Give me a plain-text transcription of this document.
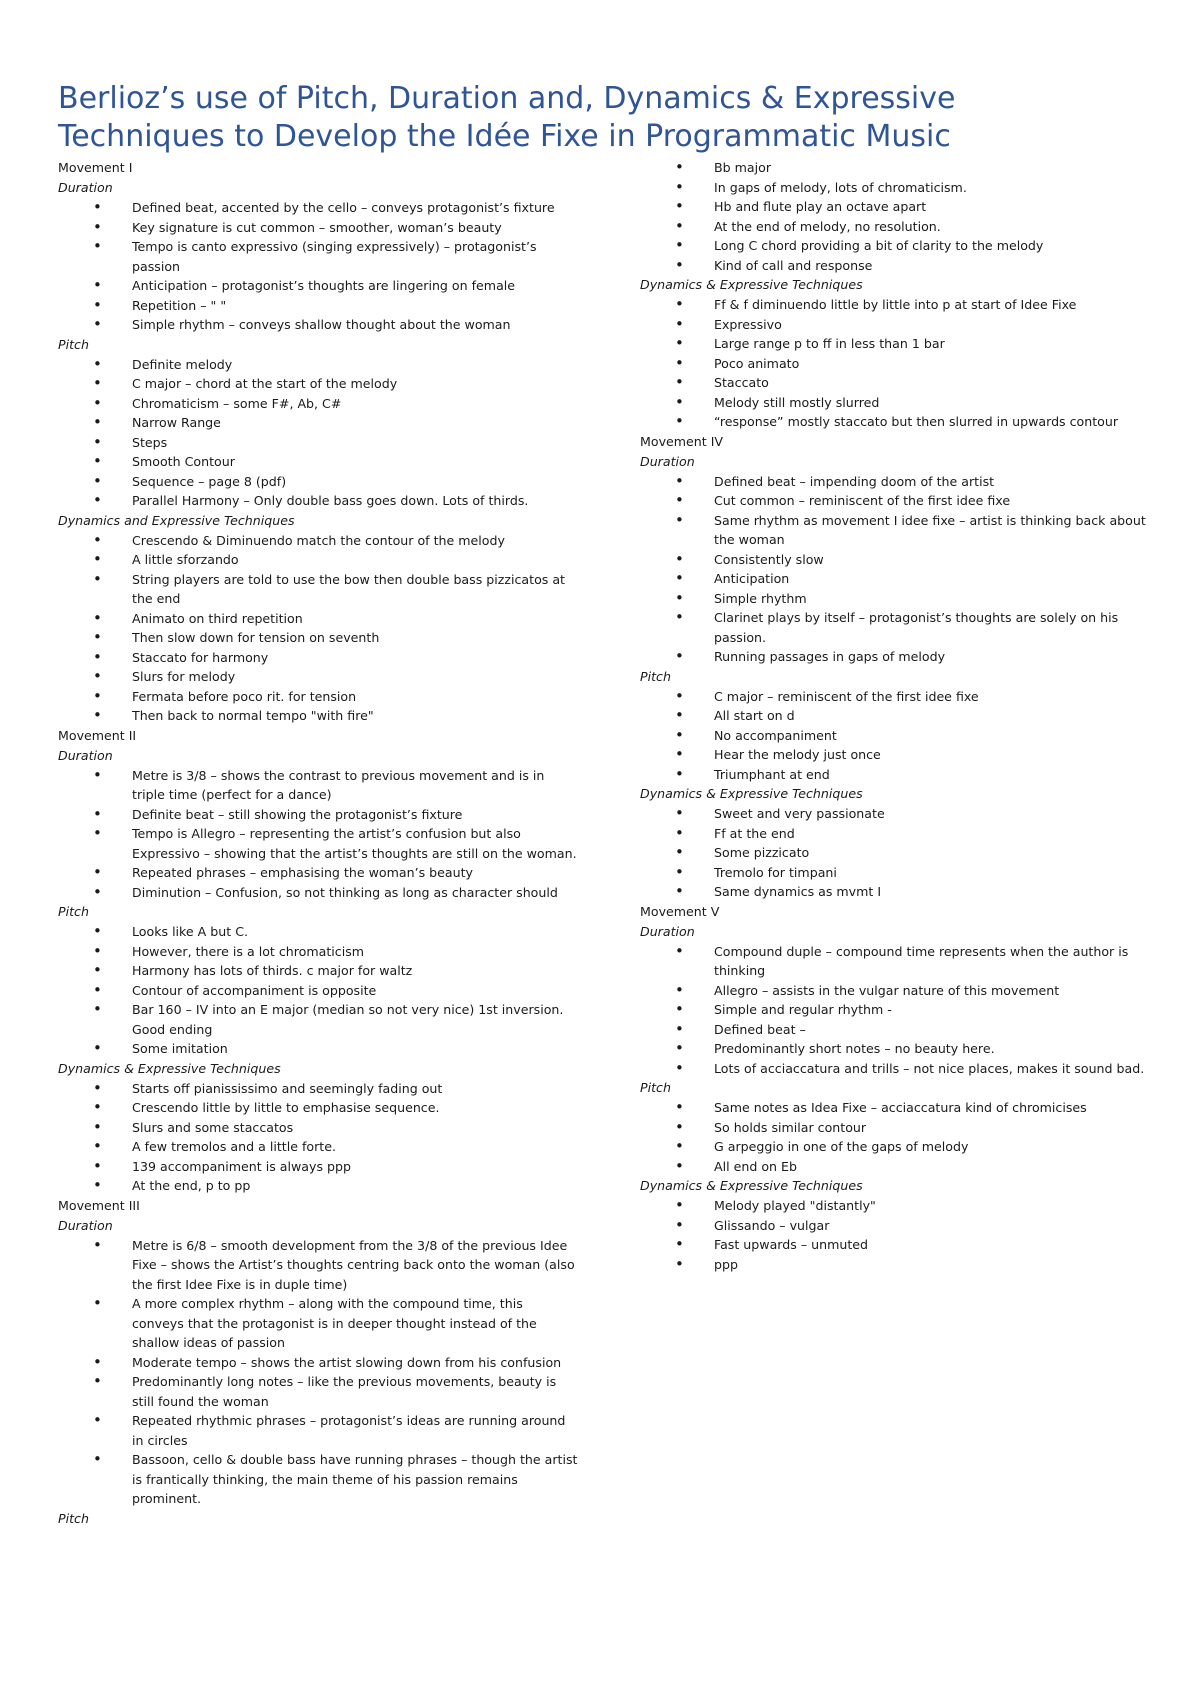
Berlioz’s use of Pitch, Duration and, Dynamics & Expressive
Techniques to Develop the Idée Fixe in Programmatic Music

Movement I

Duration

• Defined beat, accented by the cello – conveys protagonist’s fixture
• Key signature is cut common – smoother, woman’s beauty
• Tempo is canto expressivo (singing expressively) – protagonist’s passion
• Anticipation – protagonist’s thoughts are lingering on female
• Repetition – " "
• Simple rhythm – conveys shallow thought about the woman

Pitch

• Definite melody
• C major – chord at the start of the melody
• Chromaticism – some F#, Ab, C#
• Narrow Range
• Steps
• Smooth Contour
• Sequence – page 8 (pdf)
• Parallel Harmony – Only double bass goes down. Lots of thirds.

Dynamics and Expressive Techniques

• Crescendo & Diminuendo match the contour of the melody
• A little sforzando
• String players are told to use the bow then double bass pizzicatos at the end
• Animato on third repetition
• Then slow down for tension on seventh
• Staccato for harmony
• Slurs for melody
• Fermata before poco rit. for tension
• Then back to normal tempo "with fire"

Movement II

Duration

• Metre is 3/8 – shows the contrast to previous movement and is in triple time (perfect for a dance)
• Definite beat – still showing the protagonist’s fixture
• Tempo is Allegro – representing the artist’s confusion but also Expressivo – showing that the artist’s thoughts are still on the woman.
• Repeated phrases – emphasising the woman’s beauty
• Diminution – Confusion, so not thinking as long as character should

Pitch

• Looks like A but C.
• However, there is a lot chromaticism
• Harmony has lots of thirds. c major for waltz
• Contour of accompaniment is opposite
• Bar 160 – IV into an E major (median so not very nice) 1st inversion. Good ending
• Some imitation

Dynamics & Expressive Techniques

• Starts off pianississimo and seemingly fading out
• Crescendo little by little to emphasise sequence.
• Slurs and some staccatos
• A few tremolos and a little forte.
• 139 accompaniment is always ppp
• At the end, p to pp

Movement III

Duration

• Metre is 6/8 – smooth development from the 3/8 of the previous Idee Fixe – shows the Artist’s thoughts centring back onto the woman (also the first Idee Fixe is in duple time)
• A more complex rhythm – along with the compound time, this conveys that the protagonist is in deeper thought instead of the shallow ideas of passion
• Moderate tempo – shows the artist slowing down from his confusion
• Predominantly long notes – like the previous movements, beauty is still found the woman
• Repeated rhythmic phrases – protagonist’s ideas are running around in circles
• Bassoon, cello & double bass have running phrases – though the artist is frantically thinking, the main theme of his passion remains prominent.

Pitch

• Bb major
• In gaps of melody, lots of chromaticism.
• Hb and flute play an octave apart
• At the end of melody, no resolution.
• Long C chord providing a bit of clarity to the melody
• Kind of call and response

Dynamics & Expressive Techniques

• Ff & f diminuendo little by little into p at start of Idee Fixe
• Expressivo
• Large range p to ff in less than 1 bar
• Poco animato
• Staccato
• Melody still mostly slurred
• “response” mostly staccato but then slurred in upwards contour

Movement IV

Duration

• Defined beat – impending doom of the artist
• Cut common – reminiscent of the first idee fixe
• Same rhythm as movement I idee fixe – artist is thinking back about the woman
• Consistently slow
• Anticipation
• Simple rhythm
• Clarinet plays by itself – protagonist’s thoughts are solely on his passion.
• Running passages in gaps of melody

Pitch

• C major – reminiscent of the first idee fixe
• All start on d
• No accompaniment
• Hear the melody just once
• Triumphant at end

Dynamics & Expressive Techniques

• Sweet and very passionate
• Ff at the end
• Some pizzicato
• Tremolo for timpani
• Same dynamics as mvmt I

Movement V

Duration

• Compound duple – compound time represents when the author is thinking
• Allegro – assists in the vulgar nature of this movement
• Simple and regular rhythm -
• Defined beat –
• Predominantly short notes – no beauty here.
• Lots of acciaccatura and trills – not nice places, makes it sound bad.

Pitch

• Same notes as Idea Fixe – acciaccatura kind of chromicises
• So holds similar contour
• G arpeggio in one of the gaps of melody
• All end on Eb

Dynamics & Expressive Techniques

• Melody played "distantly"
• Glissando – vulgar
• Fast upwards – unmuted
• ppp
